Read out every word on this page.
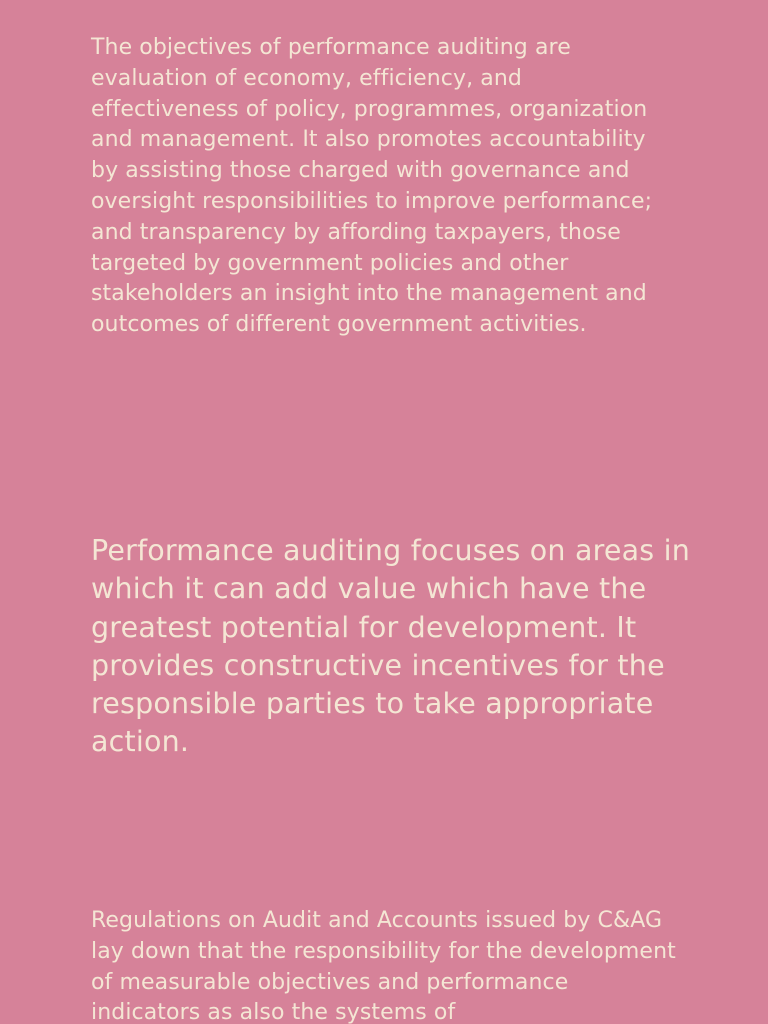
The objectives of performance auditing are evaluation of economy, efficiency, and effectiveness of policy, programmes, organization and management. It also promotes accountability by assisting those charged with governance and oversight responsibilities to improve performance; and transparency by affording taxpayers, those targeted by government policies and other stakeholders an insight into the management and outcomes of different government activities.

Performance auditing focuses on areas in which it can add value which have the greatest potential for development. It provides constructive incentives for the responsible parties to take appropriate action.

Regulations on Audit and Accounts issued by C&AG lay down that the responsibility for the development of measurable objectives and performance indicators as also the systems of
